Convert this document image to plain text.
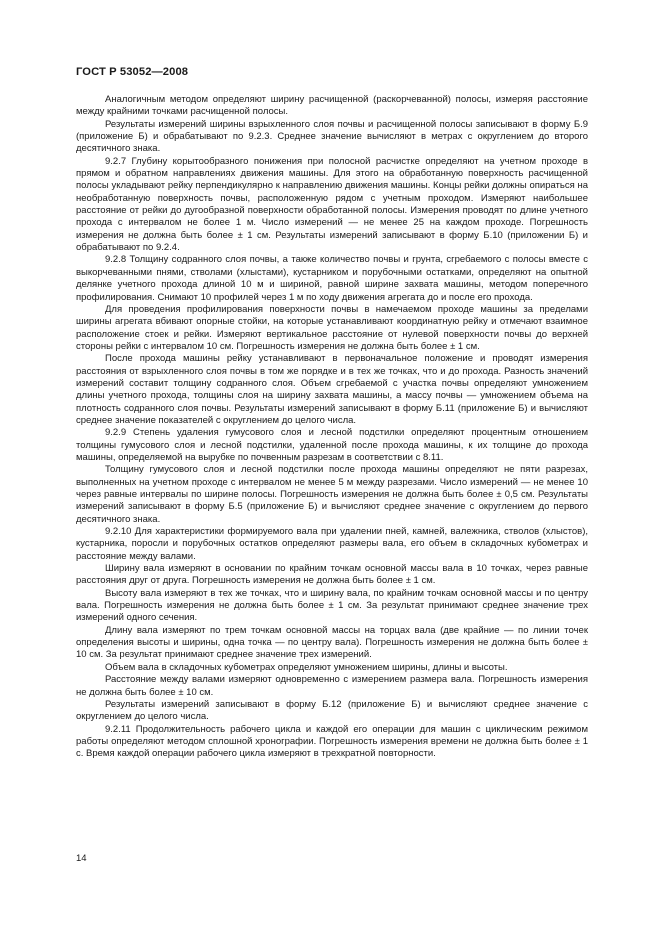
ГОСТ Р 53052—2008

Аналогичным методом определяют ширину расчищенной (раскорчеванной) полосы, измеряя расстояние между крайними точками расчищенной полосы.

Результаты измерений ширины взрыхленного слоя почвы и расчищенной полосы записывают в форму Б.9 (приложение Б) и обрабатывают по 9.2.3. Среднее значение вычисляют в метрах с округлением до второго десятичного знака.

9.2.7 Глубину корытообразного понижения при полосной расчистке определяют на учетном проходе в прямом и обратном направлениях движения машины. Для этого на обработанную поверхность расчищенной полосы укладывают рейку перпендикулярно к направлению движения машины. Концы рейки должны опираться на необработанную поверхность почвы, расположенную рядом с учетным проходом. Измеряют наибольшее расстояние от рейки до дугообразной поверхности обработанной полосы. Измерения проводят по длине учетного прохода с интервалом не более 1 м. Число измерений — не менее 25 на каждом проходе. Погрешность измерения не должна быть более ± 1 см. Результаты измерений записывают в форму Б.10 (приложении Б) и обрабатывают по 9.2.4.

9.2.8 Толщину содранного слоя почвы, а также количество почвы и грунта, сгребаемого с полосы вместе с выкорчеванными пнями, стволами (хлыстами), кустарником и порубочными остатками, определяют на опытной делянке учетного прохода длиной 10 м и шириной, равной ширине захвата машины, методом поперечного профилирования. Снимают 10 профилей через 1 м по ходу движения агрегата до и после его прохода.

Для проведения профилирования поверхности почвы в намечаемом проходе машины за пределами ширины агрегата вбивают опорные стойки, на которые устанавливают координатную рейку и отмечают взаимное расположение стоек и рейки. Измеряют вертикальное расстояние от нулевой поверхности почвы до верхней стороны рейки с интервалом 10 см. Погрешность измерения не должна быть более ± 1 см.

После прохода машины рейку устанавливают в первоначальное положение и проводят измерения расстояния от взрыхленного слоя почвы в том же порядке и в тех же точках, что и до прохода. Разность значений измерений составит толщину содранного слоя. Объем сгребаемой с участка почвы определяют умножением длины учетного прохода, толщины слоя на ширину захвата машины, а массу почвы — умножением объема на плотность содранного слоя почвы. Результаты измерений записывают в форму Б.11 (приложение Б) и вычисляют среднее значение показателей с округлением до целого числа.

9.2.9 Степень удаления гумусового слоя и лесной подстилки определяют процентным отношением толщины гумусового слоя и лесной подстилки, удаленной после прохода машины, к их толщине до прохода машины, определяемой на вырубке по почвенным разрезам в соответствии с 8.11.

Толщину гумусового слоя и лесной подстилки после прохода машины определяют не пяти разрезах, выполненных на учетном проходе с интервалом не менее 5 м между разрезами. Число измерений — не менее 10 через равные интервалы по ширине полосы. Погрешность измерения не должна быть более ± 0,5 см. Результаты измерений записывают в форму Б.5 (приложение Б) и вычисляют среднее значение с округлением до первого десятичного знака.

9.2.10 Для характеристики формируемого вала при удалении пней, камней, валежника, стволов (хлыстов), кустарника, поросли и порубочных остатков определяют размеры вала, его объем в складочных кубометрах и расстояние между валами.

Ширину вала измеряют в основании по крайним точкам основной массы вала в 10 точках, через равные расстояния друг от друга. Погрешность измерения не должна быть более ± 1 см.

Высоту вала измеряют в тех же точках, что и ширину вала, по крайним точкам основной массы и по центру вала. Погрешность измерения не должна быть более ± 1 см. За результат принимают среднее значение трех измерений одного сечения.

Длину вала измеряют по трем точкам основной массы на торцах вала (две крайние — по линии точек определения высоты и ширины, одна точка — по центру вала). Погрешность измерения не должна быть более ± 10 см. За результат принимают среднее значение трех измерений.

Объем вала в складочных кубометрах определяют умножением ширины, длины и высоты.

Расстояние между валами измеряют одновременно с измерением размера вала. Погрешность измерения не должна быть более ± 10 см.

Результаты измерений записывают в форму Б.12 (приложение Б) и вычисляют среднее значение с округлением до целого числа.

9.2.11 Продолжительность рабочего цикла и каждой его операции для машин с циклическим режимом работы определяют методом сплошной хронографии. Погрешность измерения времени не должна быть более ± 1 с. Время каждой операции рабочего цикла измеряют в трехкратной повторности.

14
